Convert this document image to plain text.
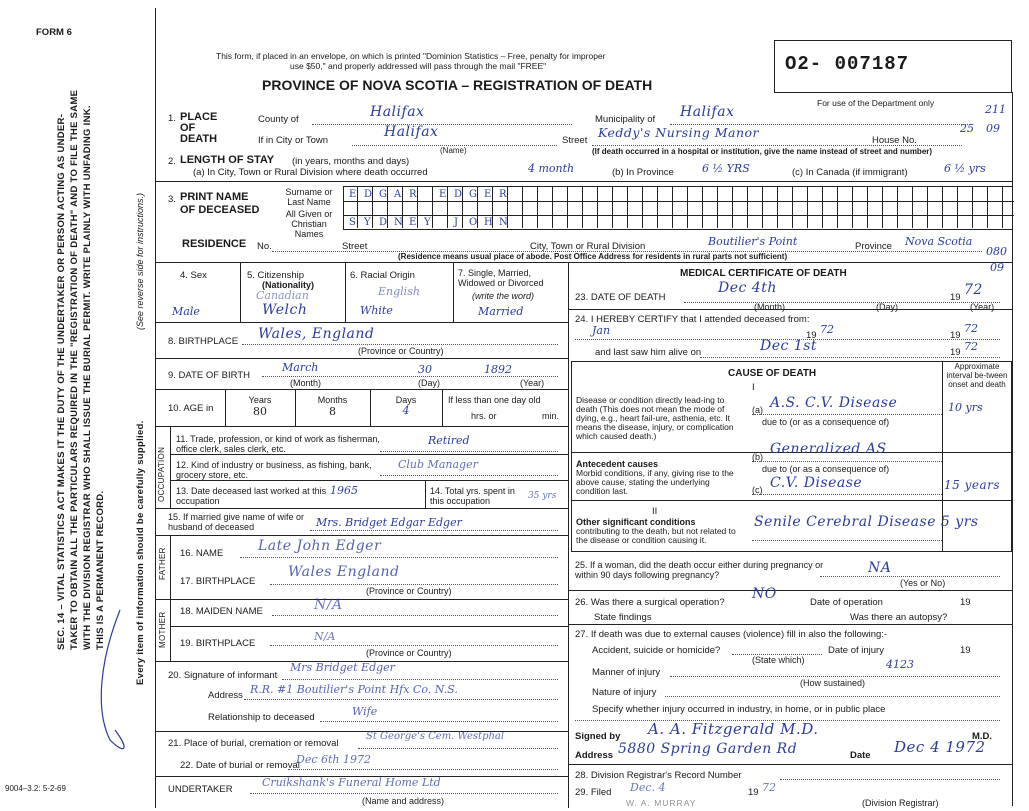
FORM 6
This form, if placed in an envelope, on which is printed "Dominion Statistics – Free, penalty for improper
use $50," and properly addressed will pass through the mail "FREE"
PROVINCE OF NOVA SCOTIA – REGISTRATION OF DEATH
O2- 007187
For use of the Department only	211
25 09
080
09
SEC. 14 – VITAL STATISTICS ACT MAKES IT THE DUTY OF THE UNDERTAKER OR PERSON ACTING AS UNDER- TAKER TO OBTAIN ALL THE PARTICULARS REQUIRED IN THE "REGISTRATION OF DEATH" AND TO FILE THE SAME WITH THE DIVISION REGISTRAR WHO SHALL ISSUE THE BURIAL PERMIT. WRITE PLAINLY WITH UNFADING INK. THIS IS A PERMANENT RECORD.
(See reverse side for instructions.)
Every item of information should be carefully supplied.
1. PLACE OF DEATH
County of	Halifax	Municipality of Halifax
If in City or Town
Halifax
(Name)
Street
Keddy's Nursing Manor
House No.
(If death occurred in a hospital or institution, give the name instead of street and number)
2. LENGTH OF STAY (in years, months and days)
(a) In City, Town or Rural Division where death occurred	4 month	(b) In Province	6 ½ YRS	(c) In Canada (if immigrant)	6 ½ yrs
3. PRINT NAME
OF DECEASED
Surname or Last Name
All Given or Christian Names
E D G A R E D G E R
S Y D N E Y J O H N
RESIDENCE No.	Street	City, Town or Rural Division	Boutilier's Point	Province Nova Scotia
(Residence means usual place of abode. Post Office Address for residents in rural parts not sufficient)
4. Sex
Male
5. Citizenship
(Nationality)
Canadian
Welch
6. Racial Origin
English
White
7. Single, Married, Widowed or Divorced
(write the word)
Married
8. BIRTHPLACE Wales, England
(Province or Country)
9. DATE OF BIRTH
March	30	1892
(Month)	(Day)	(Year)
10. AGE in
Years	Months	Days
80	8	4
If less than one day old
hrs. or	min.
OCCUPATION
11. Trade, profession, or kind of work as fisherman, office clerk, sales clerk, etc.
Retired
12. Kind of industry or business, as fishing, bank, grocery store, etc.
Club Manager
13. Date deceased last worked at this occupation
1965	14. Total yrs. spent in this occupation	35 yrs
15. If married give name of wife or husband of deceased	Mrs. Bridget Edgar Edger
FATHER 16. NAME Late John Edger
17. BIRTHPLACE
Wales England
(Province or Country)
MOTHER
18. MAIDEN NAME	N/A
19. BIRTHPLACE
N/A
(Province or Country)
20. Signature of informant
Mrs Bridget Edger
Address R.R. #1 Boutilier's Point Hfx Co. N.S.
Relationship to deceased	Wife
21. Place of burial, cremation or removal
St George's Cem. Westphal
22. Date of burial or removal
Dec 6th 1972
UNDERTAKER
Cruikshank's Funeral Home Ltd
(Name and address)
9004–3.2: 5-2-69
MEDICAL CERTIFICATE OF DEATH
23. DATE OF DEATH
Dec 4th
19 72
(Month)	(Day)	(Year)
24. I HEREBY CERTIFY that I attended deceased from:
Jan	19 72	19
72
and last saw him alive on	Dec 1st	19 72
CAUSE OF DEATH
Approximate interval be-tween onset and death
I
Disease or condition directly lead-ing to death (This does not mean the mode of dying, e.g., heart fail-ure, asthenia, etc. It means the disease, injury, or complication which caused death.)
(a) A.S. C.V. Disease	10 yrs
due to (or as a consequence of)
Antecedent causes
Morbid conditions, if any, giving rise to the above cause, stating the underlying condition last.
(b) Generalized AS
due to (or as a consequence of)
(c) C.V. Disease	15 years
II
Other significant conditions
contributing to the death, but not related to the disease or condition causing it.
Senile Cerebral Disease 5 yrs
25. If a woman, did the death occur either during pregnancy or within 90 days following pregnancy?	NA
(Yes or No)
26. Was there a surgical operation?
NO
Date of operation	19
State findings	Was there an autopsy?
27. If death was due to external causes (violence) fill in also the following:-
Accident, suicide or homicide?
(State which)
Date of injury	19
Manner of injury
4123
(How sustained)
Nature of injury
Specify whether injury occurred in industry, in home, or in public place
Signed by A. A. Fitzgerald M.D.	M.D.
Address 5880 Spring Garden Rd	Date Dec 4 1972
28. Division Registrar's Record Number
29. Filed Dec. 4	19 72
(Division Registrar)
W. A. MURRAY
